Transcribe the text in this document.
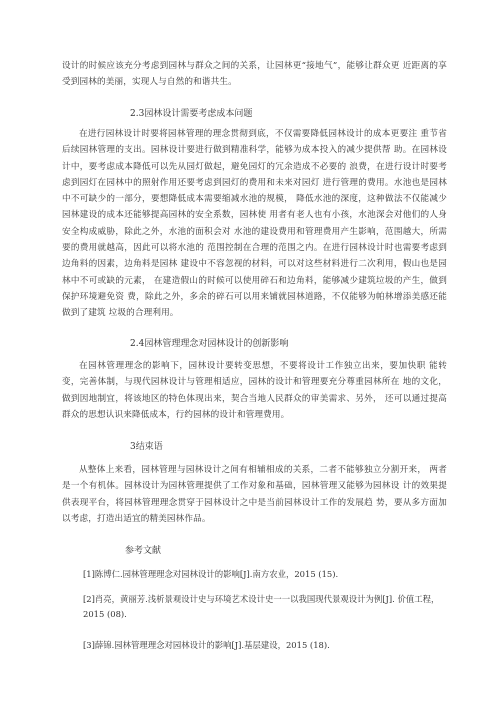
设计的时候应该充分考虑到园林与群众之间的关系，让园林更“接地气”，能够让群众更 近距离的享受到园林的美丽，实现人与自然的和谐共生。

2.3园林设计需要考虑成本问题

在进行园林设计时要将园林管理的理念贯彻到底，不仅需要降低园林设计的成本更要注 重节省后续园林管理的支出。园林设计要进行做到精准科学，能够为成本投入的减少提供帮 助。在园林设计中，要考虑成本降低可以先从园灯做起，避免园灯的冗余造成不必要的 浪费，在进行设计时要考虑到园灯在园林中的照射作用还要考虑到园灯的费用和未来对园灯 进行管理的费用。水池也是园林中不可缺少的一部分，要想降低成本需要缩减水池的规模， 降低水池的深度，这种做法不仅能减少园林建设的成本还能够提高园林的安全系数，园林使 用者有老人也有小孩，水池深会对他们的人身安全构成威胁，除此之外，水池的面积会对 水池的建设费用和管理费用产生影响，范围越大，所需要的费用就越高，因此可以将水池的 范围控制在合理的范围之内。在进行园林设计时也需要考虑到边角料的因素，边角料是园林 建设中不容忽视的材料，可以对这些材料进行二次利用，假山也是园林中不可或缺的元素， 在建造假山的时候可以使用碎石和边角料，能够减少建筑垃圾的产生，做到保护环境避免资 费，除此之外，多余的碎石可以用来铺就园林道路，不仅能够为帕林增添美感还能做到了建筑 垃圾的合理利用。

2.4园林管理理念对园林设计的创新影响

在园林管理理念的影响下，园林设计要转变思想，不要将设计工作独立出来，要加快职 能转变，完善体制，与现代园林设计与管理相适应，园林的设计和管理要充分尊重园林所在 地的文化，做到因地制宜，将该地区的特色体现出来，契合当地人民群众的审美需求、另外， 还可以通过提高群众的思想认识来降低成本，行约园林的设计和管理费用。

3结束语

从整体上来看，园林管理与园林设计之间有相辅相成的关系，二者不能够独立分割开来， 两者是一个有机体。园林设计为园林管理提供了工作对象和基础，园林管理又能够为园林设 计的效果提供表现平台，将园林管理理念贯穿于园林设计之中是当前园林设计工作的发展趋 势，要从多方面加以考虑，打造出适宜的精美园林作品。

参考文献

[1]陈博仁.园林管理理念对园林设计的影响[J].南方农业，2015 (15).

[2]肖亮，黄丽芳.浅析景观设计史与环境艺术设计史一一以我国现代景观设计为例[J]. 价值工程，2015 (08).

[3]薛锦.园林管理理念对园林设计的影响[J].基层建设，2015 (18).
